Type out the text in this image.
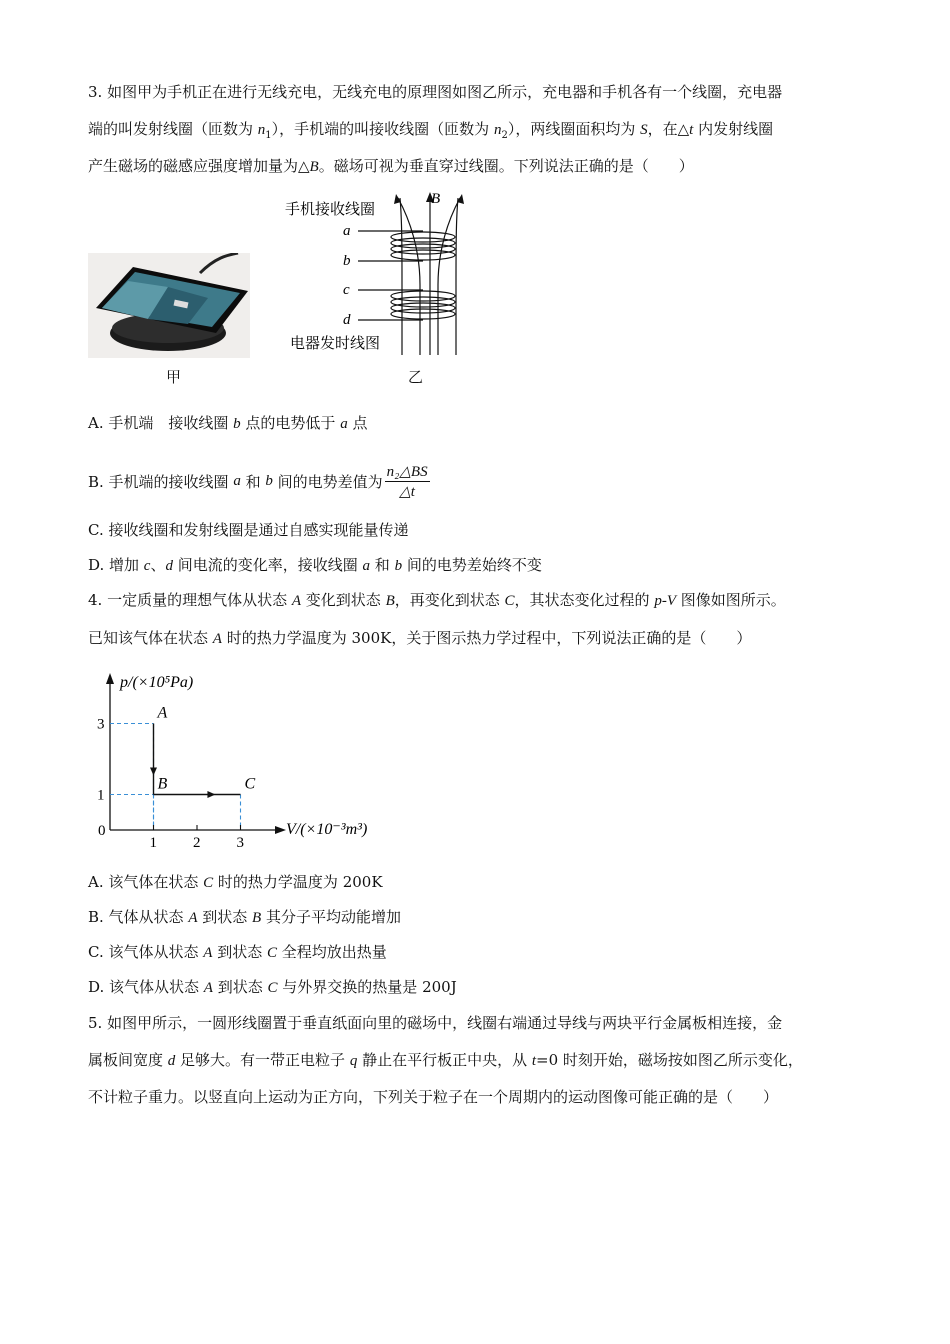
3. 如图甲为手机正在进行无线充电，无线充电的原理图如图乙所示，充电器和手机各有一个线圈，充电器
端的叫发射线圈（匝数为 $n_1$），手机端的叫接收线圈（匝数为 $n_2$），两线圈面积均为 S，在△t 内发射线圈
产生磁场的磁感应强度增加量为△B。磁场可视为垂直穿过线圈。下列说法正确的是（　　）
甲
手机接收线圈
B
a
b
c
d
电器发时线图
乙
A. 手机端　接收线圈 b 点的电势低于 a 点
B. 手机端的接收线圈 a 和 b 间的电势差值为 $\frac{\text{n₂△BS}}{\triangle t}$
C. 接收线圈和发射线圈是通过自感实现能量传递
D. 增加 c、d 间电流的变化率，接收线圈 a 和 b 间的电势差始终不变
4. 一定质量的理想气体从状态 A 变化到状态 B，再变化到状态 C，其状态变化过程的 p-V 图像如图所示。
已知该气体在状态 A 时的热力学温度为 300K，关于图示热力学过程中，下列说法正确的是（　　）
A
B	C
1 2 3
1
3
p/(×10⁵Pa)
V/(×10⁻³m³)
0
A. 该气体在状态 C 时的热力学温度为 200K
B. 气体从状态 A 到状态 B 其分子平均动能增加
C. 该气体从状态 A 到状态 C 全程均放出热量
D. 该气体从状态 A 到状态 C 与外界交换的热量是 200J
5. 如图甲所示，一圆形线圈置于垂直纸面向里的磁场中，线圈右端通过导线与两块平行金属板相连接，金
属板间宽度 d 足够大。有一带正电粒子 q 静止在平行板正中央，从 t=0 时刻开始，磁场按如图乙所示变化，
不计粒子重力。以竖直向上运动为正方向，下列关于粒子在一个周期内的运动图像可能正确的是（　　）
